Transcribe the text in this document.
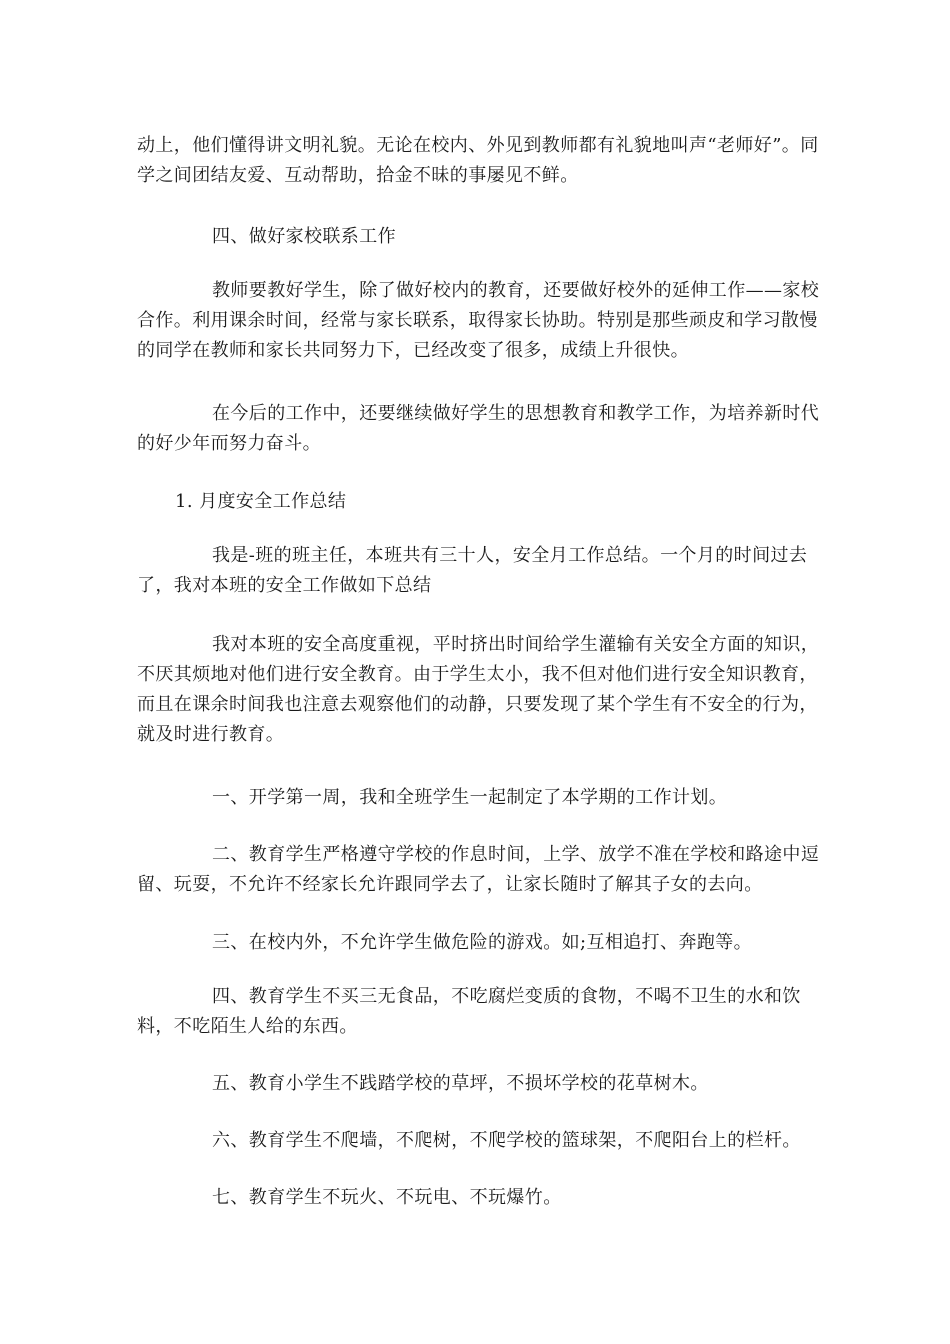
动上，他们懂得讲文明礼貌。无论在校内、外见到教师都有礼貌地叫声“老师好”。同学之间团结友爱、互动帮助，拾金不昧的事屡见不鲜。

四、做好家校联系工作

教师要教好学生，除了做好校内的教育，还要做好校外的延伸工作——家校合作。利用课余时间，经常与家长联系，取得家长协助。特别是那些顽皮和学习散慢的同学在教师和家长共同努力下，已经改变了很多，成绩上升很快。

在今后的工作中，还要继续做好学生的思想教育和教学工作，为培养新时代的好少年而努力奋斗。

1. 月度安全工作总结

我是-班的班主任，本班共有三十人，安全月工作总结。一个月的时间过去了，我对本班的安全工作做如下总结

我对本班的安全高度重视，平时挤出时间给学生灌输有关安全方面的知识，不厌其烦地对他们进行安全教育。由于学生太小，我不但对他们进行安全知识教育，而且在课余时间我也注意去观察他们的动静，只要发现了某个学生有不安全的行为，就及时进行教育。

一、开学第一周，我和全班学生一起制定了本学期的工作计划。

二、教育学生严格遵守学校的作息时间，上学、放学不准在学校和路途中逗留、玩耍，不允许不经家长允许跟同学去了，让家长随时了解其子女的去向。

三、在校内外，不允许学生做危险的游戏。如;互相追打、奔跑等。

四、教育学生不买三无食品，不吃腐烂变质的食物，不喝不卫生的水和饮料，不吃陌生人给的东西。

五、教育小学生不践踏学校的草坪，不损坏学校的花草树木。

六、教育学生不爬墙，不爬树，不爬学校的篮球架，不爬阳台上的栏杆。

七、教育学生不玩火、不玩电、不玩爆竹。
